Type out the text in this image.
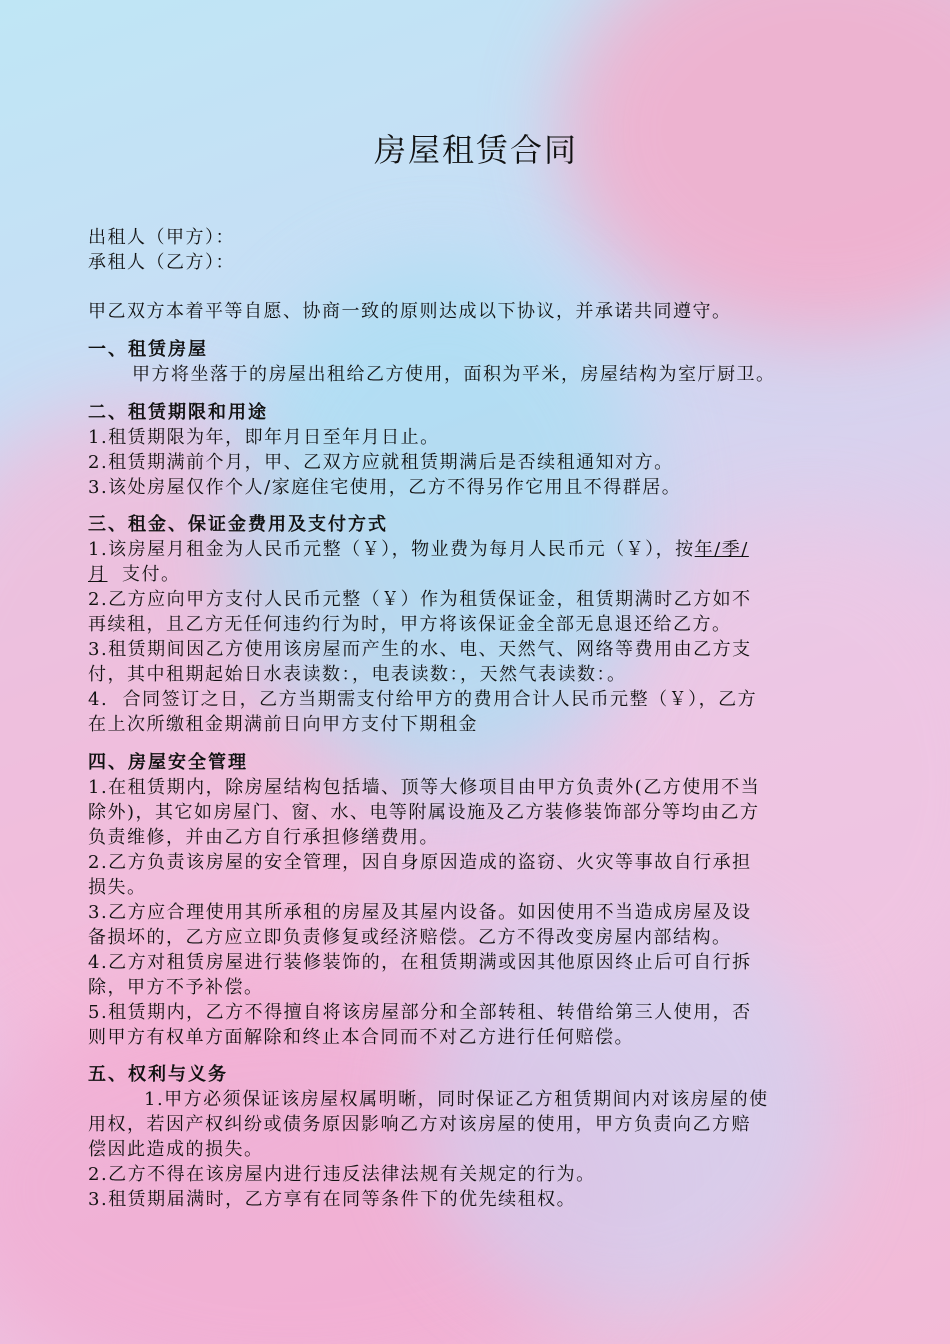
房屋租赁合同
出租人（甲方）：
承租人（乙方）：
甲乙双方本着平等自愿、协商一致的原则达成以下协议，并承诺共同遵守。
一、租赁房屋
甲方将坐落于的房屋出租给乙方使用，面积为平米，房屋结构为室厅厨卫。
二、租赁期限和用途
1.租赁期限为年，即年月日至年月日止。
2.租赁期满前个月，甲、乙双方应就租赁期满后是否续租通知对方。
3.该处房屋仅作个人/家庭住宅使用，乙方不得另作它用且不得群居。
三、租金、保证金费用及支付方式
1.该房屋月租金为人民币元整（￥），物业费为每月人民币元（￥），按年/季/
月  支付。
2.乙方应向甲方支付人民币元整（￥）作为租赁保证金，租赁期满时乙方如不
再续租，且乙方无任何违约行为时，甲方将该保证金全部无息退还给乙方。
3.租赁期间因乙方使用该房屋而产生的水、电、天然气、网络等费用由乙方支
付，其中租期起始日水表读数：，电表读数：，天然气表读数：。
4.  合同签订之日，乙方当期需支付给甲方的费用合计人民币元整（￥），乙方
在上次所缴租金期满前日向甲方支付下期租金
四、房屋安全管理
1.在租赁期内，除房屋结构包括墙、顶等大修项目由甲方负责外(乙方使用不当
除外)，其它如房屋门、窗、水、电等附属设施及乙方装修装饰部分等均由乙方
负责维修，并由乙方自行承担修缮费用。
2.乙方负责该房屋的安全管理，因自身原因造成的盗窃、火灾等事故自行承担
损失。
3.乙方应合理使用其所承租的房屋及其屋内设备。如因使用不当造成房屋及设
备损坏的，乙方应立即负责修复或经济赔偿。乙方不得改变房屋内部结构。
4.乙方对租赁房屋进行装修装饰的，在租赁期满或因其他原因终止后可自行拆
除，甲方不予补偿。
5.租赁期内，乙方不得擅自将该房屋部分和全部转租、转借给第三人使用，否
则甲方有权单方面解除和终止本合同而不对乙方进行任何赔偿。
五、权利与义务
1.甲方必须保证该房屋权属明晰，同时保证乙方租赁期间内对该房屋的使
用权，若因产权纠纷或债务原因影响乙方对该房屋的使用，甲方负责向乙方赔
偿因此造成的损失。
2.乙方不得在该房屋内进行违反法律法规有关规定的行为。
3.租赁期届满时，乙方享有在同等条件下的优先续租权。
